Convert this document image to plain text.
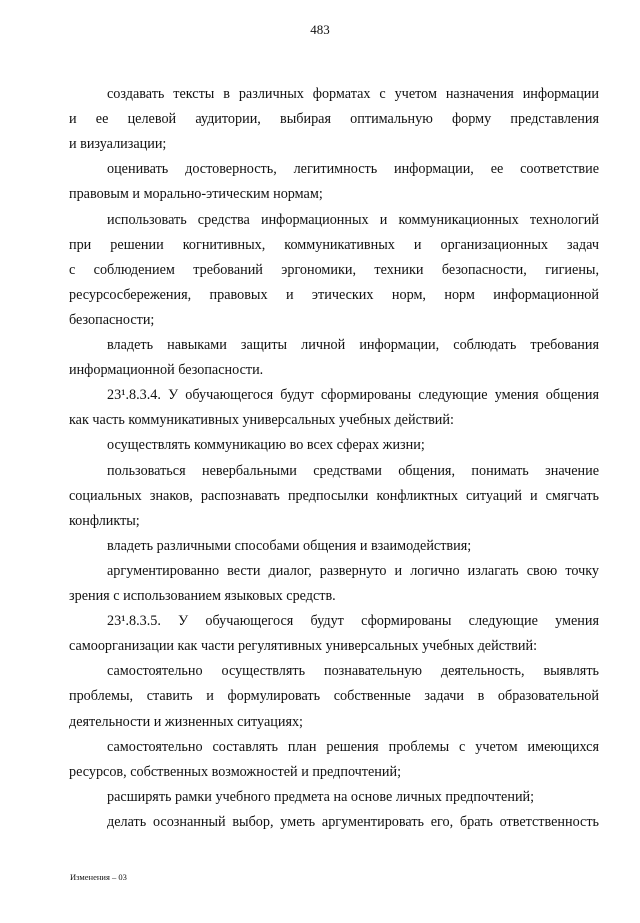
483
создавать тексты в различных форматах с учетом назначения информации
и ее целевой аудитории, выбирая оптимальную форму представления
и визуализации;
оценивать достоверность, легитимность информации, ее соответствие
правовым и морально-этическим нормам;
использовать средства информационных и коммуникационных технологий
при решении когнитивных, коммуникативных и организационных задач
с соблюдением требований эргономики, техники безопасности, гигиены,
ресурсосбережения, правовых и этических норм, норм информационной
безопасности;
владеть навыками защиты личной информации, соблюдать требования
информационной безопасности.
23¹.8.3.4. У обучающегося будут сформированы следующие умения общения
как часть коммуникативных универсальных учебных действий:
осуществлять коммуникацию во всех сферах жизни;
пользоваться невербальными средствами общения, понимать значение
социальных знаков, распознавать предпосылки конфликтных ситуаций и смягчать
конфликты;
владеть различными способами общения и взаимодействия;
аргументированно вести диалог, развернуто и логично излагать свою точку
зрения с использованием языковых средств.
23¹.8.3.5. У обучающегося будут сформированы следующие умения
самоорганизации как части регулятивных универсальных учебных действий:
самостоятельно осуществлять познавательную деятельность, выявлять
проблемы, ставить и формулировать собственные задачи в образовательной
деятельности и жизненных ситуациях;
самостоятельно составлять план решения проблемы с учетом имеющихся
ресурсов, собственных возможностей и предпочтений;
расширять рамки учебного предмета на основе личных предпочтений;
делать осознанный выбор, уметь аргументировать его, брать ответственность
Изменения – 03
